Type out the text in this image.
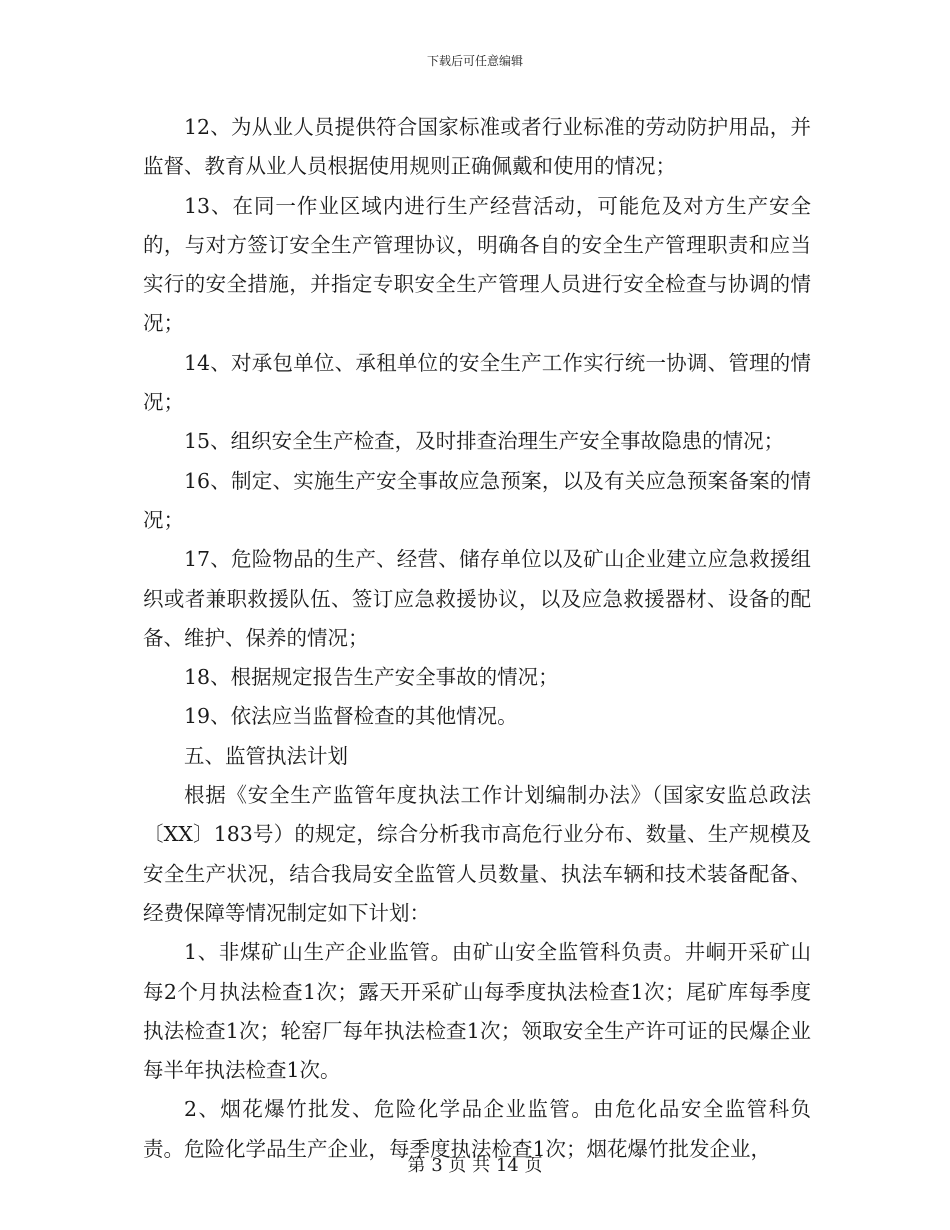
下载后可任意编辑

12、为从业人员提供符合国家标准或者行业标准的劳动防护用品，并监督、教育从业人员根据使用规则正确佩戴和使用的情况；

13、在同一作业区域内进行生产经营活动，可能危及对方生产安全的，与对方签订安全生产管理协议，明确各自的安全生产管理职责和应当实行的安全措施，并指定专职安全生产管理人员进行安全检查与协调的情况；

14、对承包单位、承租单位的安全生产工作实行统一协调、管理的情况；

15、组织安全生产检查，及时排查治理生产安全事故隐患的情况；

16、制定、实施生产安全事故应急预案，以及有关应急预案备案的情况；

17、危险物品的生产、经营、储存单位以及矿山企业建立应急救援组织或者兼职救援队伍、签订应急救援协议，以及应急救援器材、设备的配备、维护、保养的情况；

18、根据规定报告生产安全事故的情况；

19、依法应当监督检查的其他情况。

五、监管执法计划

根据《安全生产监管年度执法工作计划编制办法》（国家安监总政法〔XX〕183号）的规定，综合分析我市高危行业分布、数量、生产规模及安全生产状况，结合我局安全监管人员数量、执法车辆和技术装备配备、经费保障等情况制定如下计划：

1、非煤矿山生产企业监管。由矿山安全监管科负责。井峒开采矿山每2个月执法检查1次；露天开采矿山每季度执法检查1次；尾矿库每季度执法检查1次；轮窑厂每年执法检查1次；领取安全生产许可证的民爆企业每半年执法检查1次。

2、烟花爆竹批发、危险化学品企业监管。由危化品安全监管科负责。危险化学品生产企业，每季度执法检查1次；烟花爆竹批发企业，

第 3 页 共 14 页
